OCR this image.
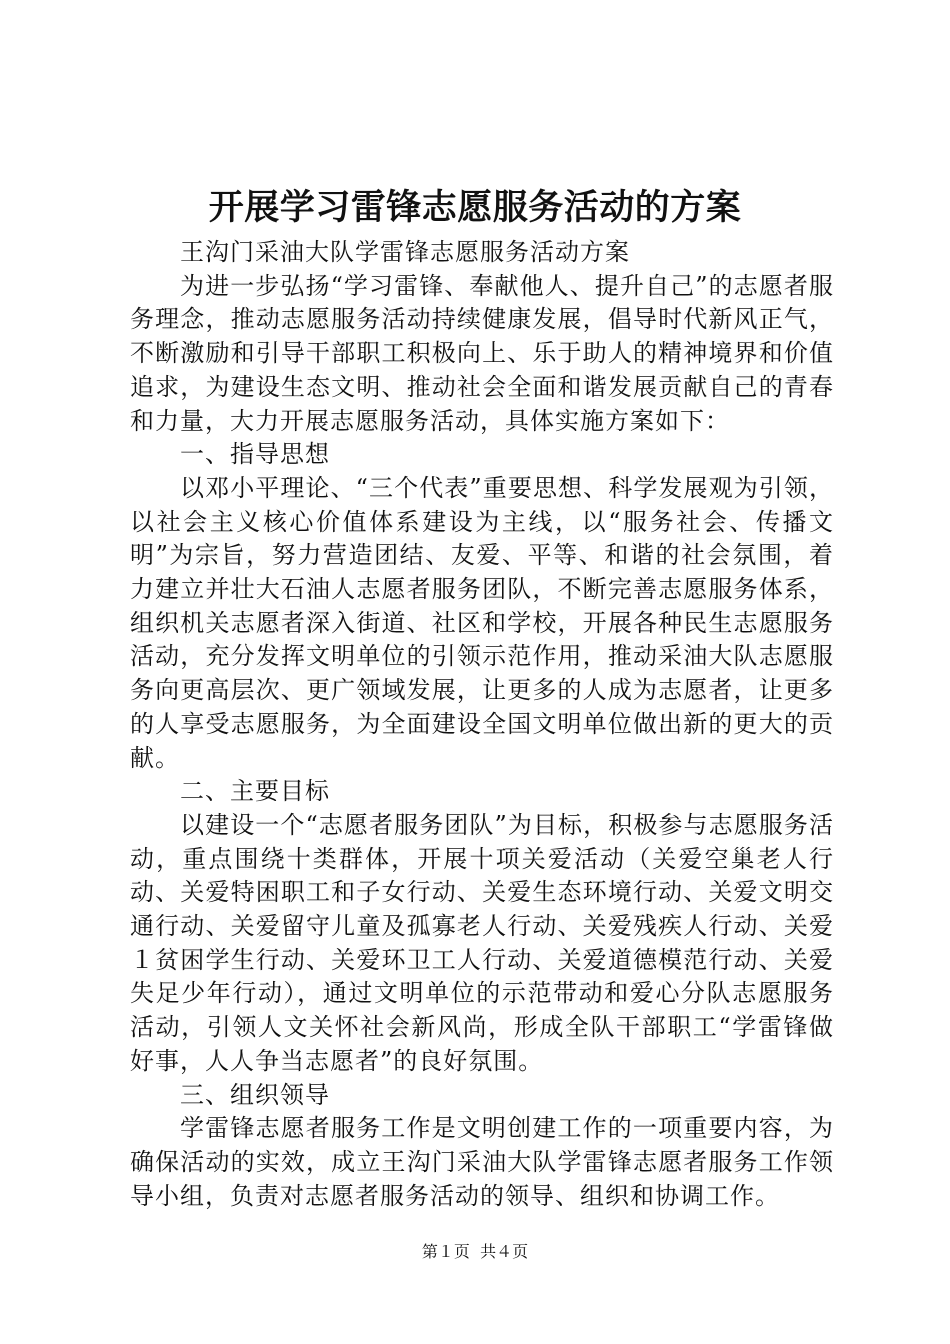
开展学习雷锋志愿服务活动的方案

王沟门采油大队学雷锋志愿服务活动方案

为进一步弘扬“学习雷锋、奉献他人、提升自己”的志愿者服务理念，推动志愿服务活动持续健康发展，倡导时代新风正气，不断激励和引导干部职工积极向上、乐于助人的精神境界和价值追求，为建设生态文明、推动社会全面和谐发展贡献自己的青春和力量，大力开展志愿服务活动，具体实施方案如下：

一、指导思想

以邓小平理论、“三个代表”重要思想、科学发展观为引领，以社会主义核心价值体系建设为主线，以“服务社会、传播文明”为宗旨，努力营造团结、友爱、平等、和谐的社会氛围，着力建立并壮大石油人志愿者服务团队，不断完善志愿服务体系，组织机关志愿者深入街道、社区和学校，开展各种民生志愿服务活动，充分发挥文明单位的引领示范作用，推动采油大队志愿服务向更高层次、更广领域发展，让更多的人成为志愿者，让更多的人享受志愿服务，为全面建设全国文明单位做出新的更大的贡献。

二、主要目标

以建设一个“志愿者服务团队”为目标，积极参与志愿服务活动，重点围绕十类群体，开展十项关爱活动（关爱空巢老人行动、关爱特困职工和子女行动、关爱生态环境行动、关爱文明交通行动、关爱留守儿童及孤寡老人行动、关爱残疾人行动、关爱１贫困学生行动、关爱环卫工人行动、关爱道德模范行动、关爱失足少年行动），通过文明单位的示范带动和爱心分队志愿服务活动，引领人文关怀社会新风尚，形成全队干部职工“学雷锋做好事，人人争当志愿者”的良好氛围。

三、组织领导

学雷锋志愿者服务工作是文明创建工作的一项重要内容，为确保活动的实效，成立王沟门采油大队学雷锋志愿者服务工作领导小组，负责对志愿者服务活动的领导、组织和协调工作。

第１页 共４页
